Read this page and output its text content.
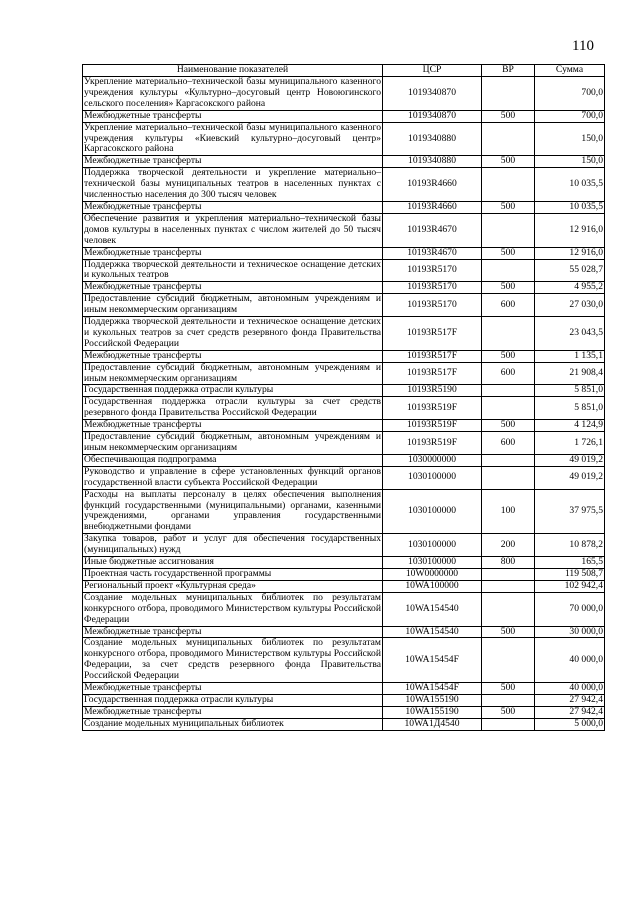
110
Наименование показателей	ЦСР	ВР	Сумма
Укрепление материально–технической базы муниципального казенного учреждения культуры «Культурно–досуговый центр Новоюгинского сельского поселения» Каргасокского района	1019340870		700,0
Межбюджетные трансферты	1019340870	500	700,0
Укрепление материально–технической базы муниципального казенного учреждения культуры «Киевский культурно–досуговый центр» Каргасокского района	1019340880		150,0
Межбюджетные трансферты	1019340880	500	150,0
Поддержка творческой деятельности и укрепление материально–технической базы муниципальных театров в населенных пунктах с численностью населения до 300 тысяч человек	10193R4660		10 035,5
Межбюджетные трансферты	10193R4660	500	10 035,5
Обеспечение развития и укрепления материально–технической базы домов культуры в населенных пунктах с числом жителей до 50 тысяч человек	10193R4670		12 916,0
Межбюджетные трансферты	10193R4670	500	12 916,0
Поддержка творческой деятельности и техническое оснащение детских и кукольных театров	10193R5170		55 028,7
Межбюджетные трансферты	10193R5170	500	4 955,2
Предоставление субсидий бюджетным, автономным учреждениям и иным некоммерческим организациям	10193R5170	600	27 030,0
Поддержка творческой деятельности и техническое оснащение детских и кукольных театров за счет средств резервного фонда Правительства Российской Федерации	10193R517F		23 043,5
Межбюджетные трансферты	10193R517F	500	1 135,1
Предоставление субсидий бюджетным, автономным учреждениям и иным некоммерческим организациям	10193R517F	600	21 908,4
Государственная поддержка отрасли культуры	10193R5190		5 851,0
Государственная поддержка отрасли культуры за счет средств резервного фонда Правительства Российской Федерации	10193R519F		5 851,0
Межбюджетные трансферты	10193R519F	500	4 124,9
Предоставление субсидий бюджетным, автономным учреждениям и иным некоммерческим организациям	10193R519F	600	1 726,1
Обеспечивающая подпрограмма	1030000000		49 019,2
Руководство и управление в сфере установленных функций органов государственной власти субъекта Российской Федерации	1030100000		49 019,2
Расходы на выплаты персоналу в целях обеспечения выполнения функций государственными (муниципальными) органами, казенными учреждениями, органами управления государственными внебюджетными фондами	1030100000	100	37 975,5
Закупка товаров, работ и услуг для обеспечения государственных (муниципальных) нужд	1030100000	200	10 878,2
Иные бюджетные ассигнования	1030100000	800	165,5
Проектная часть государственной программы	10W0000000		119 508,7
Региональный проект «Культурная среда»	10WA100000		102 942,4
Создание модельных муниципальных библиотек по результатам конкурсного отбора, проводимого Министерством культуры Российской Федерации	10WA154540		70 000,0
Межбюджетные трансферты	10WA154540	500	30 000,0
Создание модельных муниципальных библиотек по результатам конкурсного отбора, проводимого Министерством культуры Российской Федерации, за счет средств резервного фонда Правительства Российской Федерации	10WA15454F		40 000,0
Межбюджетные трансферты	10WA15454F	500	40 000,0
Государственная поддержка отрасли культуры	10WA155190		27 942,4
Межбюджетные трансферты	10WA155190	500	27 942,4
Создание модельных муниципальных библиотек	10WA1Д4540		5 000,0
